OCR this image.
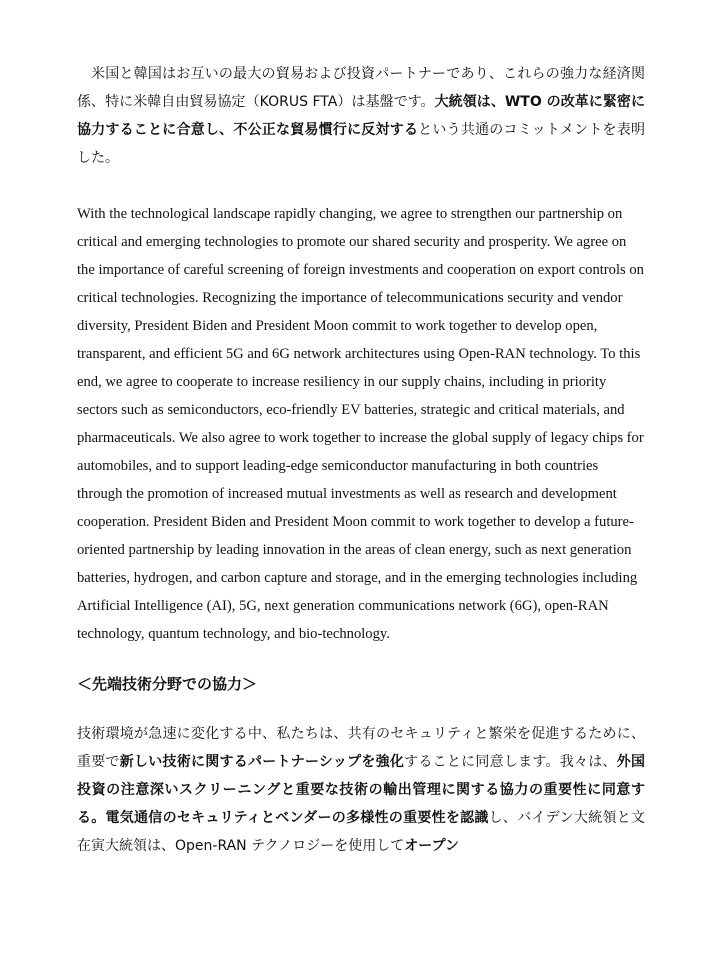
米国と韓国はお互いの最大の貿易および投資パートナーであり、これらの強力な経済関係、特に米韓自由貿易協定（KORUS FTA）は基盤です。大統領は、WTO の改革に緊密に協力することに合意し、不公正な貿易慣行に反対するという共通のコミットメントを表明した。

With the technological landscape rapidly changing, we agree to strengthen our partnership on critical and emerging technologies to promote our shared security and prosperity. We agree on the importance of careful screening of foreign investments and cooperation on export controls on critical technologies. Recognizing the importance of telecommunications security and vendor diversity, President Biden and President Moon commit to work together to develop open, transparent, and efficient 5G and 6G network architectures using Open-RAN technology. To this end, we agree to cooperate to increase resiliency in our supply chains, including in priority sectors such as semiconductors, eco-friendly EV batteries, strategic and critical materials, and pharmaceuticals. We also agree to work together to increase the global supply of legacy chips for automobiles, and to support leading-edge semiconductor manufacturing in both countries through the promotion of increased mutual investments as well as research and development cooperation. President Biden and President Moon commit to work together to develop a future-oriented partnership by leading innovation in the areas of clean energy, such as next generation batteries, hydrogen, and carbon capture and storage, and in the emerging technologies including Artificial Intelligence (AI), 5G, next generation communications network (6G), open-RAN technology, quantum technology, and bio-technology.

＜先端技術分野での協力＞

技術環境が急速に変化する中、私たちは、共有のセキュリティと繁栄を促進するために、重要で新しい技術に関するパートナーシップを強化することに同意します。我々は、外国投資の注意深いスクリーニングと重要な技術の輸出管理に関する協力の重要性に同意する。電気通信のセキュリティとベンダーの多様性の重要性を認識し、バイデン大統領と文在寅大統領は、Open-RAN テクノロジーを使用してオープン
